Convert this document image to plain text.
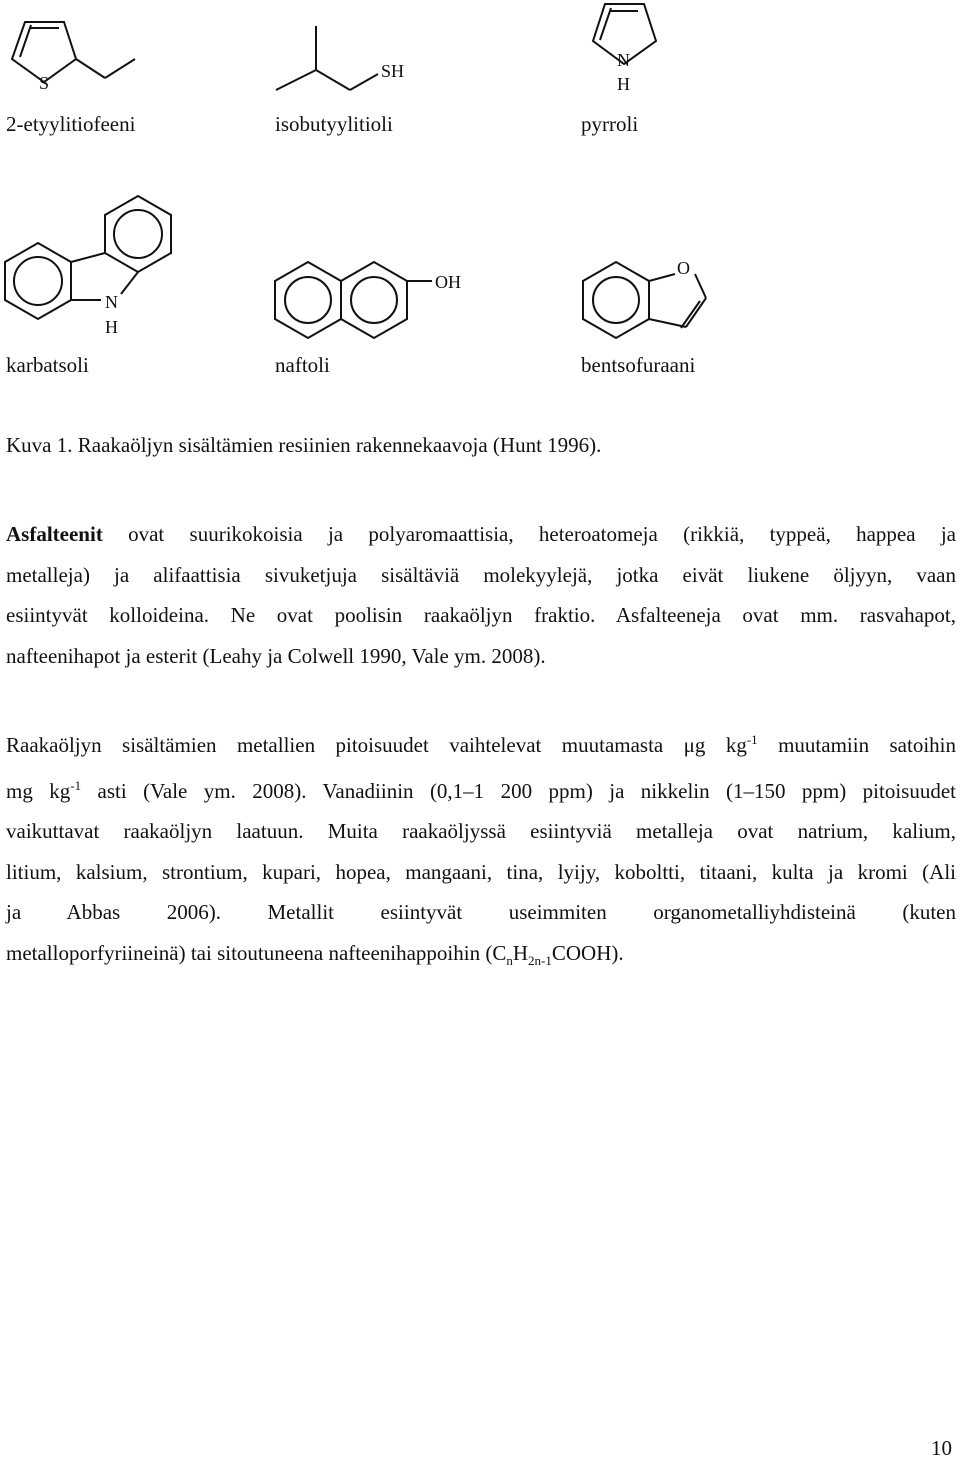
S
SH
N
H
N
H
OH
O
2-etyylitiofeeni	isobutyylitioli	pyrroli
karbatsoli	naftoli	bentsofuraani
Kuva 1. Raakaöljyn sisältämien resiinien rakennekaavoja (Hunt 1996).
Asfalteenit ovat suurikokoisia ja polyaromaattisia, heteroatomeja (rikkiä, typpeä, happea ja
metalleja) ja alifaattisia sivuketjuja sisältäviä molekyylejä, jotka eivät liukene öljyyn, vaan
esiintyvät kolloideina. Ne ovat poolisin raakaöljyn fraktio. Asfalteeneja ovat mm. rasvahapot,
nafteenihapot ja esterit (Leahy ja Colwell 1990, Vale ym. 2008).
Raakaöljyn sisältämien metallien pitoisuudet vaihtelevat muutamasta μg $kg^{-1}$ muutamiin satoihin
mg $kg^{-1}$ asti (Vale ym. 2008). Vanadiinin (0,1–1 200 ppm) ja nikkelin (1–150 ppm) pitoisuudet
vaikuttavat raakaöljyn laatuun. Muita raakaöljyssä esiintyviä metalleja ovat natrium, kalium,
litium, kalsium, strontium, kupari, hopea, mangaani, tina, lyijy, koboltti, titaani, kulta ja kromi (Ali
ja Abbas 2006). Metallit esiintyvät useimmiten organometalliyhdisteinä (kuten
metalloporfyriineinä) tai sitoutuneena nafteenihappoihin $(C_nH_{2n-1}COOH)$.
10
